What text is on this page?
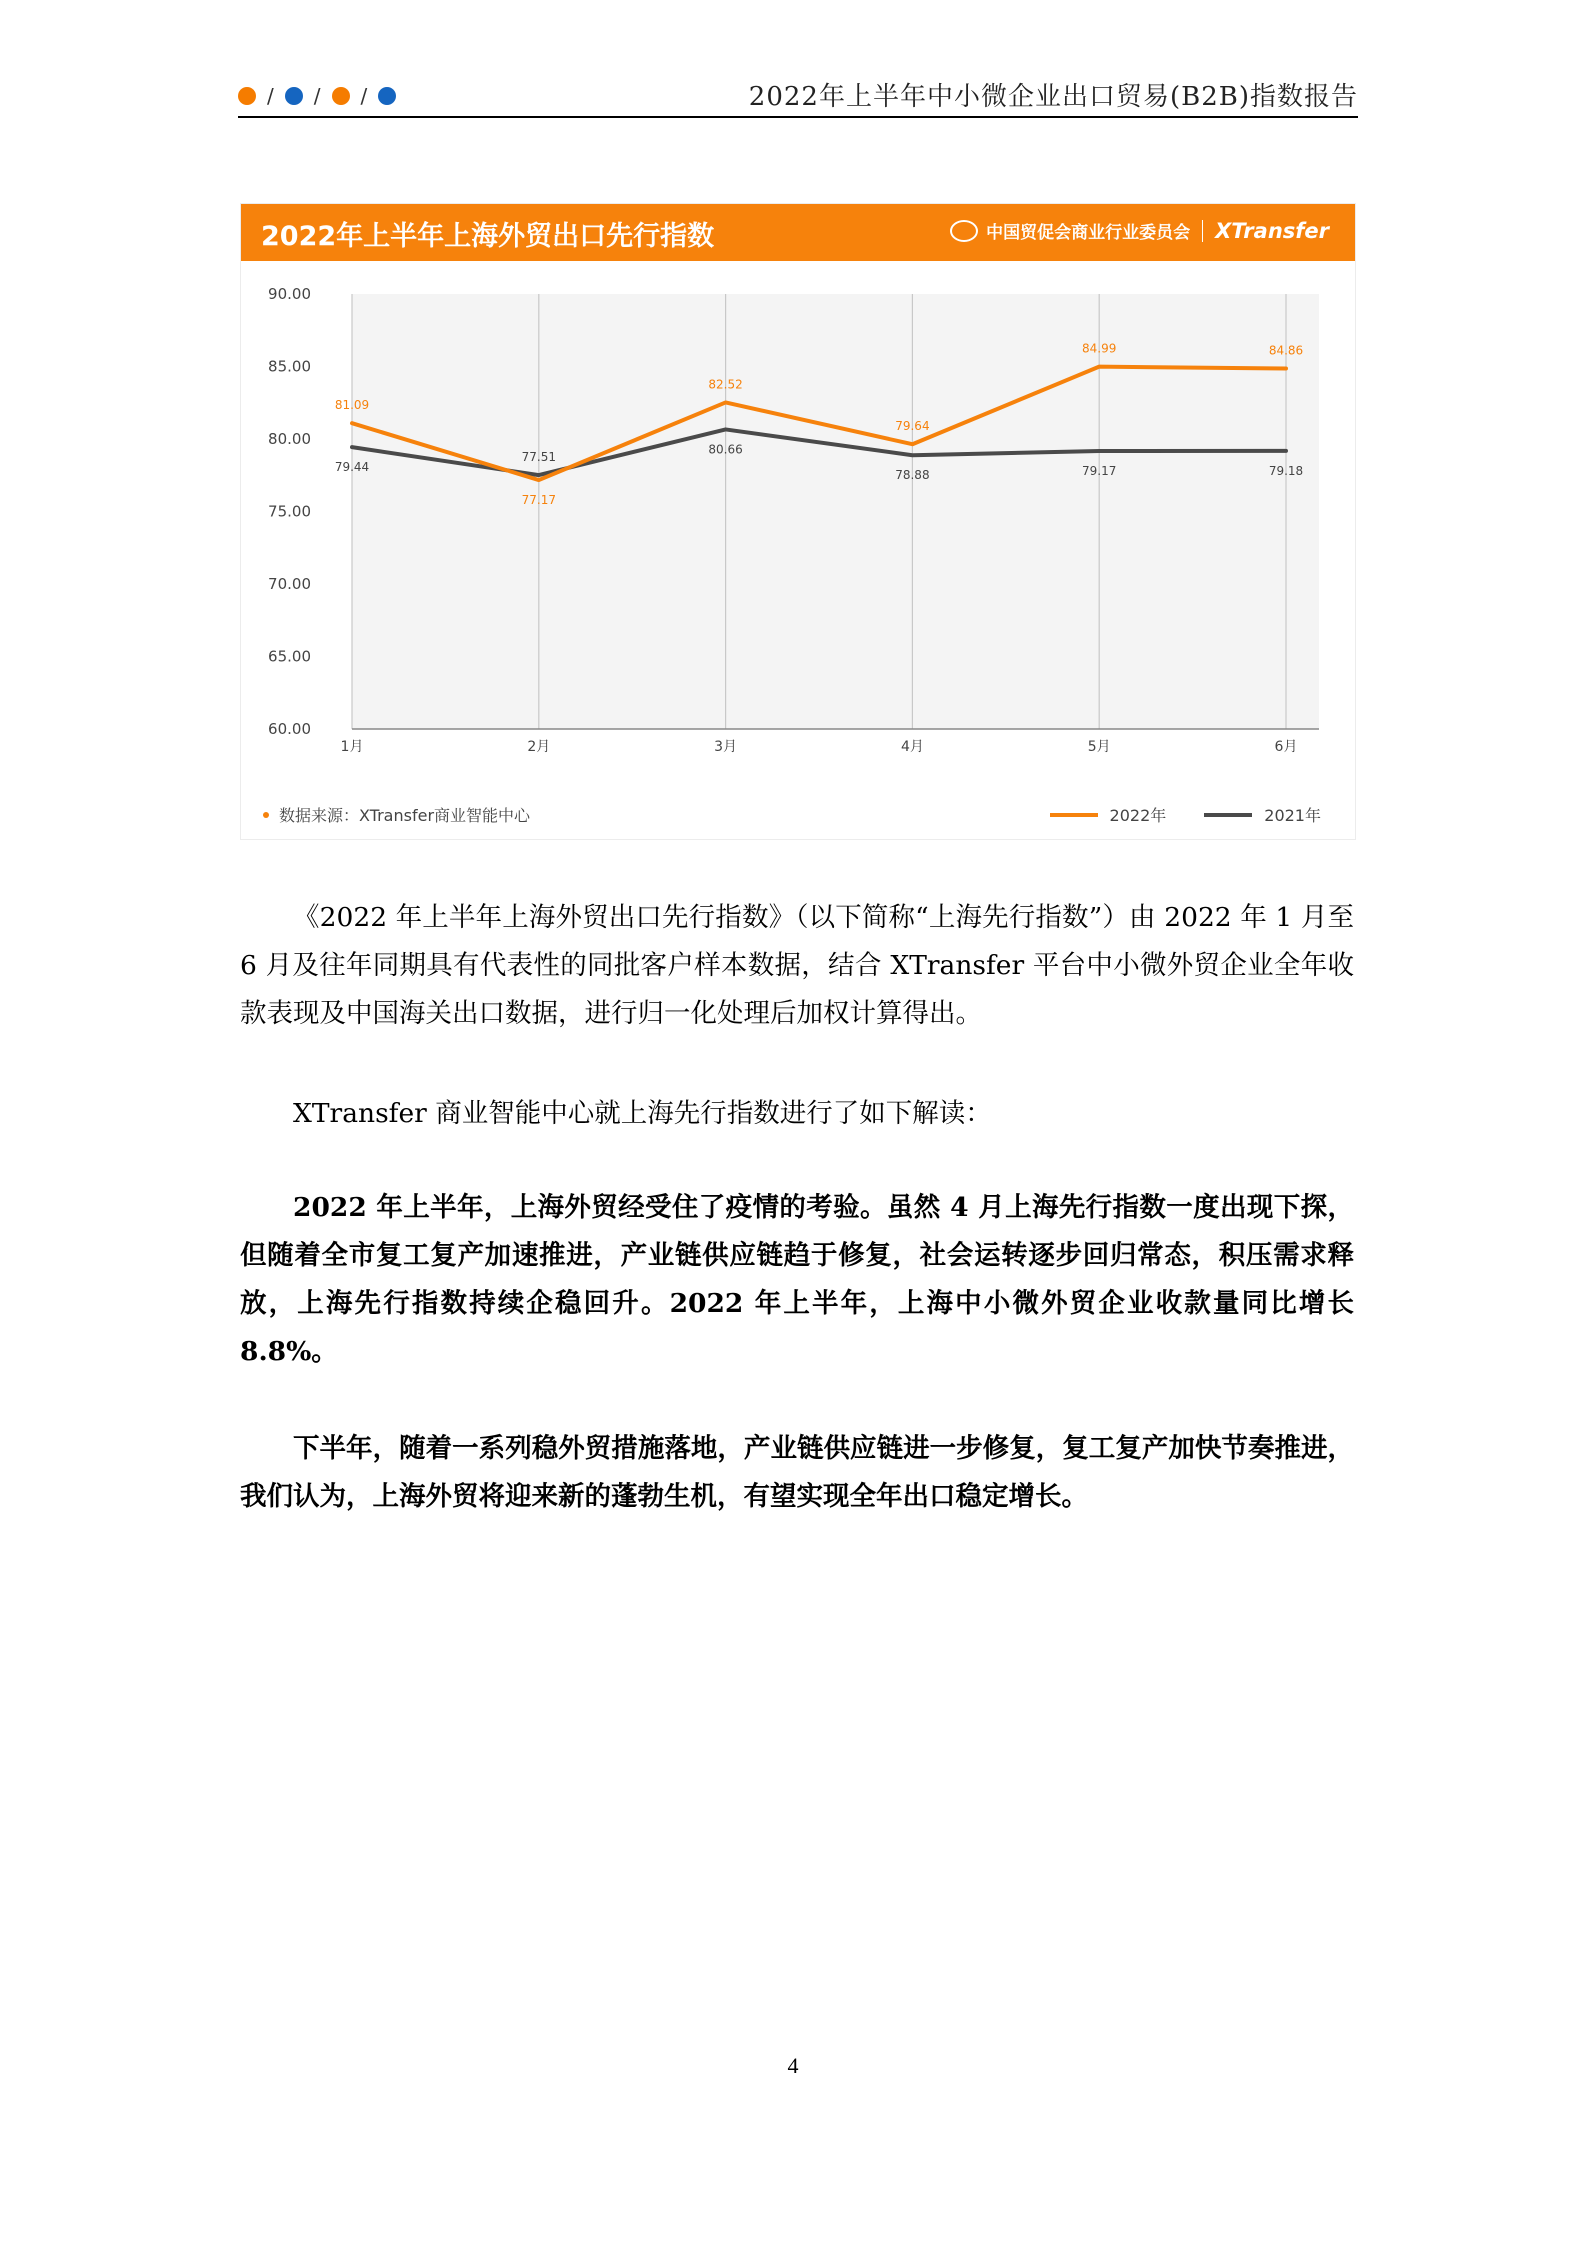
/ / /	2022年上半年中小微企业出口贸易(B2B)指数报告
2022年上半年上海外贸出口先行指数	中国贸促会商业行业委员会 XTransfer
60.00
65.00
70.00
75.00
80.00
85.00
90.00
1月	2月	3月	4月	5月	6月
81.09
77.17
82.52
79.64
84.99	84.86
79.44
77.51
80.66
78.88	79.17	79.18
数据来源：XTransfer商业智能中心	2022年	2021年

《2022 年上半年上海外贸出口先行指数》（以下简称“上海先行指数”）由 2022 年 1 月至 6 月及往年同期具有代表性的同批客户样本数据，结合 XTransfer 平台中小微外贸企业全年收款表现及中国海关出口数据，进行归一化处理后加权计算得出。

XTransfer 商业智能中心就上海先行指数进行了如下解读：

2022 年上半年，上海外贸经受住了疫情的考验。虽然 4 月上海先行指数一度出现下探，但随着全市复工复产加速推进，产业链供应链趋于修复，社会运转逐步回归常态，积压需求释放，上海先行指数持续企稳回升。2022 年上半年，上海中小微外贸企业收款量同比增长 8.8%。

下半年，随着一系列稳外贸措施落地，产业链供应链进一步修复，复工复产加快节奏推进，我们认为，上海外贸将迎来新的蓬勃生机，有望实现全年出口稳定增长。

4
